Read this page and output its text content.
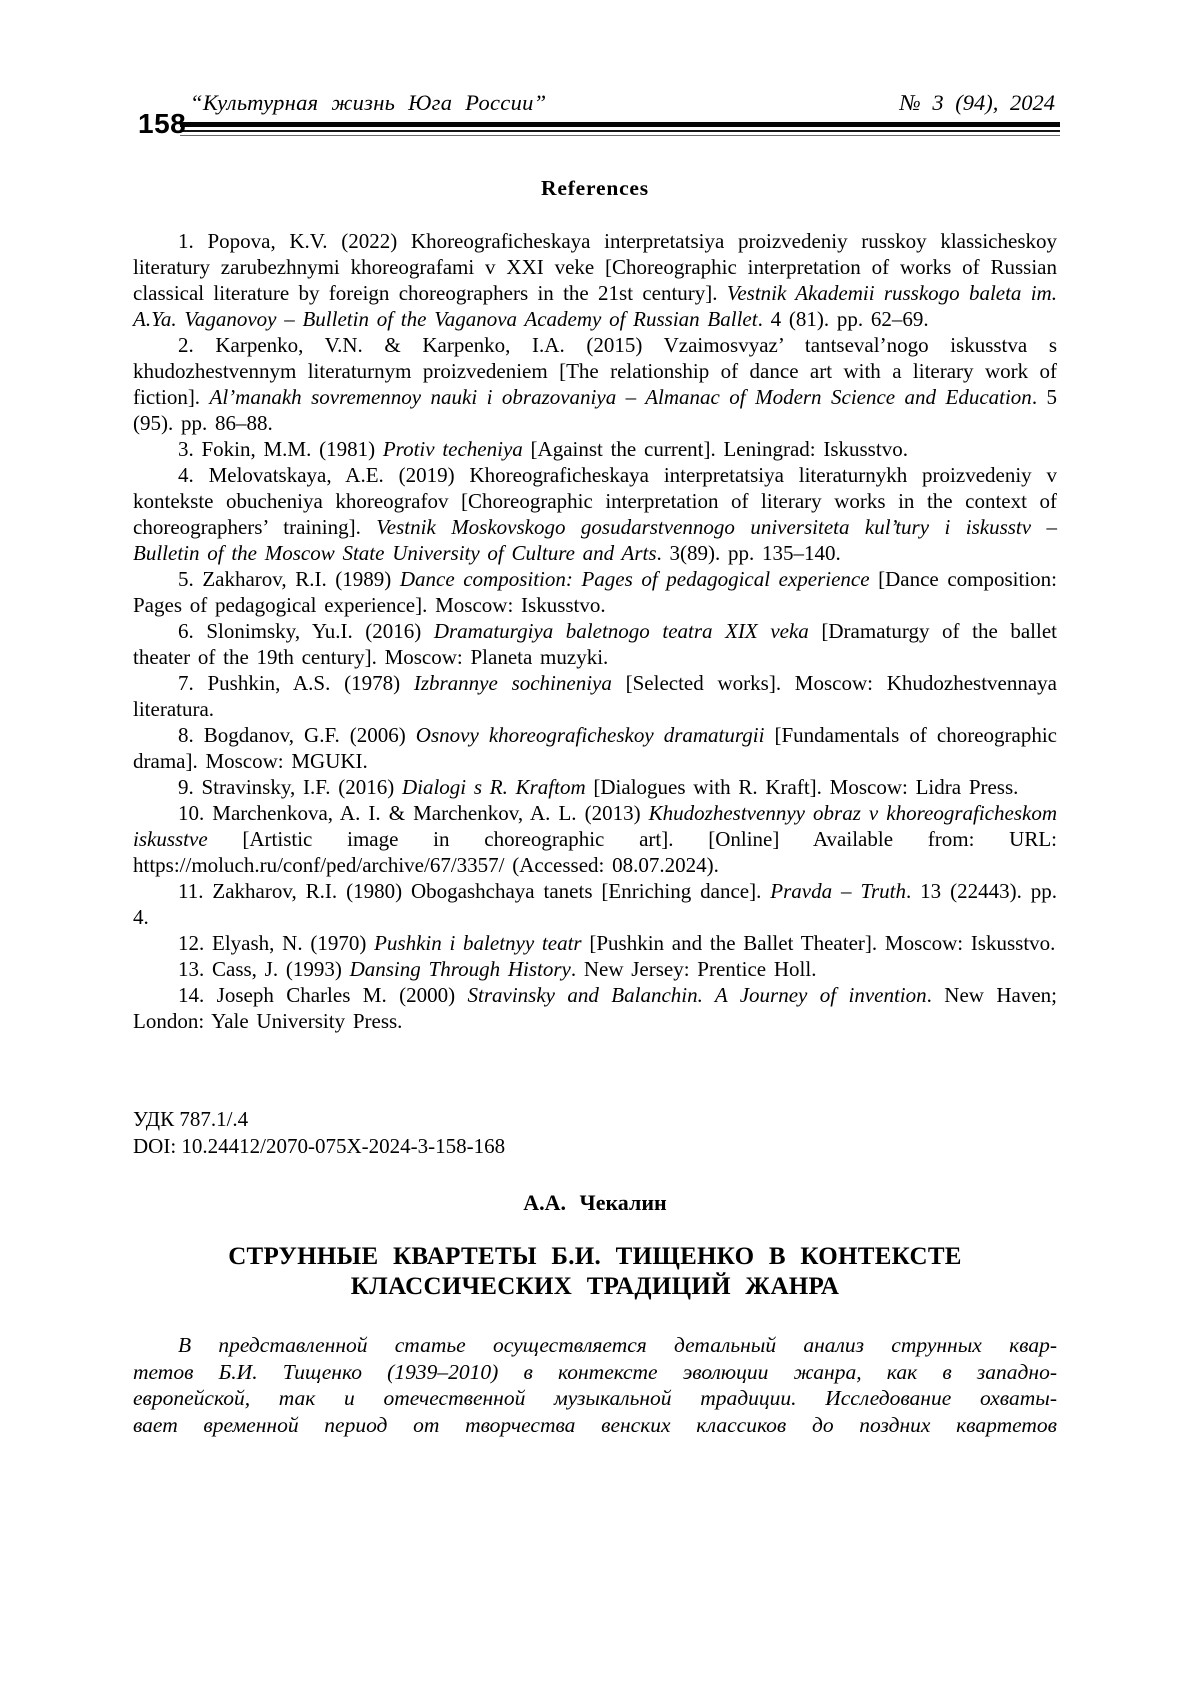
“Культурная жизнь Юга России”	№ 3 (94), 2024
158
References

1. Popova, K.V. (2022) Khoreograficheskaya interpretatsiya proizvedeniy russkoy klassicheskoy literatury zarubezhnymi khoreografami v XXI veke [Choreographic interpretation of works of Russian classical literature by foreign choreographers in the 21st century]. Vestnik Akademii russkogo baleta im. A.Ya. Vaganovoy – Bulletin of the Vaganova Academy of Russian Ballet. 4 (81). pp. 62–69.

2. Karpenko, V.N. & Karpenko, I.A. (2015) Vzaimosvyaz’ tantseval’nogo iskusstva s khudozhestvennym literaturnym proizvedeniem [The relationship of dance art with a literary work of fiction]. Al’manakh sovremennoy nauki i obrazovaniya – Almanac of Modern Science and Education. 5 (95). pp. 86–88.

3. Fokin, M.M. (1981) Protiv techeniya [Against the current]. Leningrad: Iskusstvo.

4. Melovatskaya, A.E. (2019) Khoreograficheskaya interpretatsiya literaturnykh proizvedeniy v kontekste obucheniya khoreografov [Choreographic interpretation of literary works in the context of choreographers’ training]. Vestnik Moskovskogo gosudarstvennogo universiteta kul’tury i iskusstv – Bulletin of the Moscow State University of Culture and Arts. 3(89). pp. 135–140.

5. Zakharov, R.I. (1989) Dance composition: Pages of pedagogical experience [Dance composition: Pages of pedagogical experience]. Moscow: Iskusstvo.

6. Slonimsky, Yu.I. (2016) Dramaturgiya baletnogo teatra XIX veka [Dramaturgy of the ballet theater of the 19th century]. Moscow: Planeta muzyki.

7. Pushkin, A.S. (1978) Izbrannye sochineniya [Selected works]. Moscow: Khudozhestvennaya literatura.

8. Bogdanov, G.F. (2006) Osnovy khoreograficheskoy dramaturgii [Fundamentals of choreographic drama]. Moscow: MGUKI.

9. Stravinsky, I.F. (2016) Dialogi s R. Kraftom [Dialogues with R. Kraft]. Moscow: Lidra Press.

10. Marchenkova, A. I. & Marchenkov, A. L. (2013) Khudozhestvennyy obraz v khoreograficheskom iskusstve [Artistic image in choreographic art]. [Online] Available from: URL: https://moluch.ru/conf/ped/archive/67/3357/ (Accessed: 08.07.2024).

11. Zakharov, R.I. (1980) Obogashchaya tanets [Enriching dance]. Pravda – Truth. 13 (22443). pp. 4.

12. Elyash, N. (1970) Pushkin i baletnyy teatr [Pushkin and the Ballet Theater]. Moscow: Iskusstvo.

13. Cass, J. (1993) Dansing Through History. New Jersey: Prentice Holl.

14. Joseph Charles M. (2000) Stravinsky and Balanchin. A Journey of invention. New Haven; London: Yale University Press.

УДК 787.1/.4
DOI: 10.24412/2070-075X-2024-3-158-168
А.А. Чекалин
СТРУННЫЕ КВАРТЕТЫ Б.И. ТИЩЕНКО В КОНТЕКСТЕ
КЛАССИЧЕСКИХ ТРАДИЦИЙ ЖАНРА
В представленной статье осуществляется детальный анализ струнных квар-
тетов Б.И. Тищенко (1939–2010) в контексте эволюции жанра, как в западно-
европейской, так и отечественной музыкальной традиции. Исследование охваты-
вает временной период от творчества венских классиков до поздних квартетов
